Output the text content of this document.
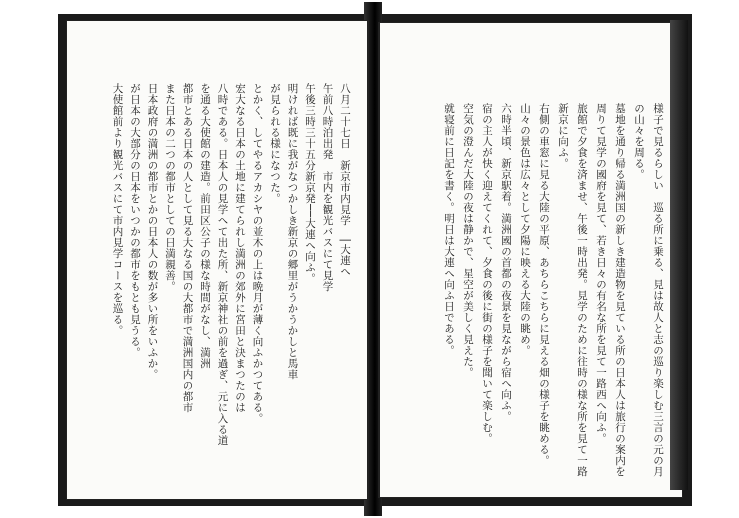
八月二十七日　新京市内見学　│大連へ
午前八時泊出発　市内を観光バスにて見学
午後三時三十五分新京発──大連へ向ふ。
明ければ既に我がなつかしき新京の郷里がうかうかしと馬車
が見られる様になつた。
とかく、してやるアカシヤの並木の上は晩月が薄く向ふかつてある。
宏大なる日本の土地に建てられし満洲の郊外に宮田と決まつたのは
八時である。日本人の見学へて出た所、新京神社の前を過ぎ、元に入る道
を通る大使館の建造。前田区公子の様な時間がなし、満洲
都市とある日本の人として見る大なる国の大都市で満洲国内の都市
また日本の二つの都市としての日満親善。
日本政府の満洲の都市とかの日本人の数が多い所をいふか。
が日本の大部分の日本をいつかの都市をもとも見うる。
大使館前より観光バスにて市内見学コースを巡る。	様子で見るらしい　巡る所に乗る、見は故人と志の巡り楽しむ三言の元の月
の山々を周る。
墓地を通り帰る満洲国の新しき建造物を見ている所の日本人は旅行の案内を
周りて見学の國府を見て、若き日々の有名な所を見て一路西へ向ふ。
旅館で夕食を済ませ、午後一時出発。見学のために往時の様な所を見て一路
新京に向ふ。
右側の車窓に見る大陸の平原、あちらこちらに見える畑の様子を眺める。
山々の景色は広々として夕陽に映える大陸の眺め。
六時半頃、新京駅着。満洲國の首都の夜景を見ながら宿へ向ふ。
宿の主人が快く迎えてくれて、夕食の後に街の様子を聞いて楽しむ。
空気の澄んだ大陸の夜は静かで、星空が美しく見えた。
就寝前に日記を書く。明日は大連へ向ふ日である。
